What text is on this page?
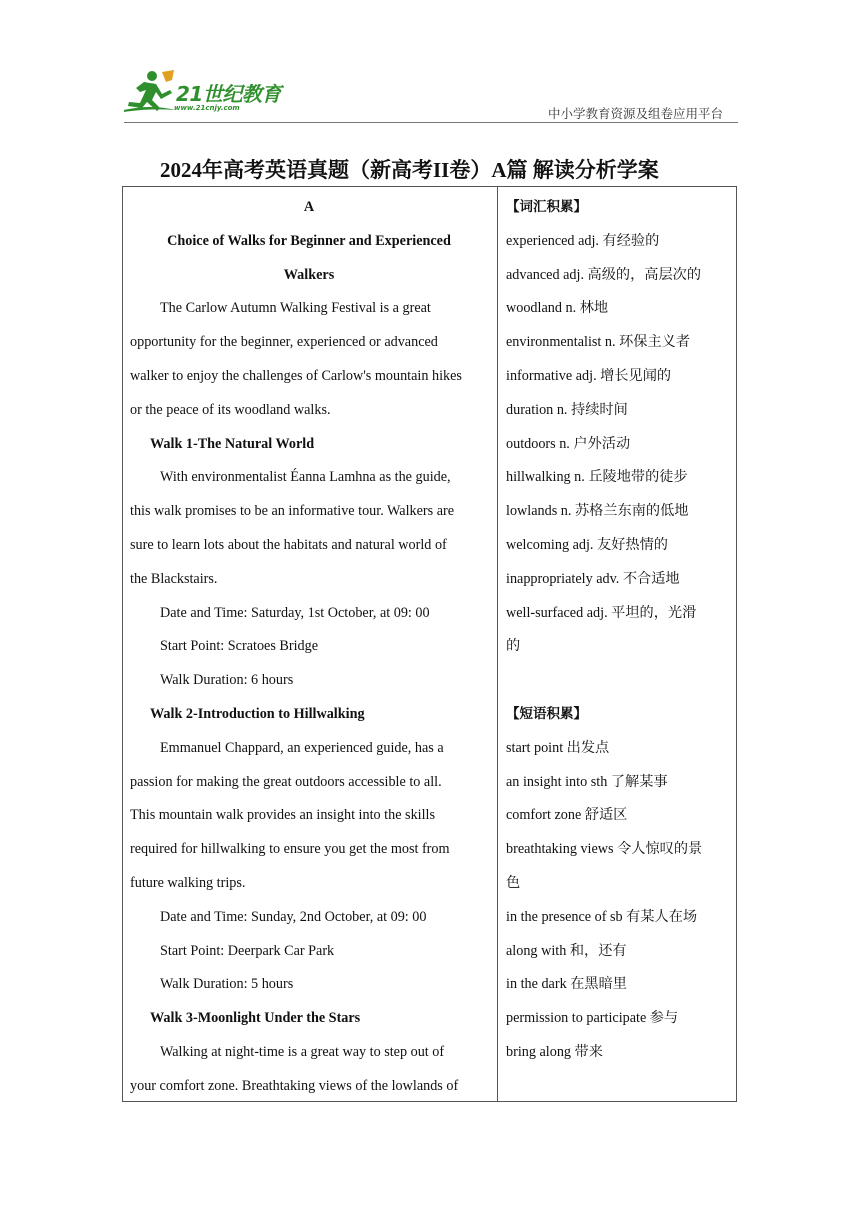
21世纪教育
www.21cnjy.com	中小学教育资源及组卷应用平台
2024年高考英语真题（新高考II卷）A篇 解读分析学案
A
Choice of Walks for Beginner and Experienced
Walkers
The Carlow Autumn Walking Festival is a great
opportunity for the beginner, experienced or advanced
walker to enjoy the challenges of Carlow's mountain hikes
or the peace of its woodland walks.
Walk 1-The Natural World
With environmentalist Éanna Lamhna as the guide,
this walk promises to be an informative tour. Walkers are
sure to learn lots about the habitats and natural world of
the Blackstairs.
Date and Time: Saturday, 1st October, at 09: 00
Start Point: Scratoes Bridge
Walk Duration: 6 hours
Walk 2-Introduction to Hillwalking
Emmanuel Chappard, an experienced guide, has a
passion for making the great outdoors accessible to all.
This mountain walk provides an insight into the skills
required for hillwalking to ensure you get the most from
future walking trips.
Date and Time: Sunday, 2nd October, at 09: 00
Start Point: Deerpark Car Park
Walk Duration: 5 hours
Walk 3-Moonlight Under the Stars
Walking at night-time is a great way to step out of
your comfort zone. Breathtaking views of the lowlands of
【词汇积累】
experienced adj. 有经验的
advanced adj. 高级的，高层次的
woodland n. 林地
environmentalist n. 环保主义者
informative adj. 增长见闻的
duration n. 持续时间
outdoors n. 户外活动
hillwalking n. 丘陵地带的徒步
lowlands n. 苏格兰东南的低地
welcoming adj. 友好热情的
inappropriately adv. 不合适地
well-surfaced adj. 平坦的，光滑
的
【短语积累】
start point 出发点
an insight into sth 了解某事
comfort zone 舒适区
breathtaking views 令人惊叹的景
色
in the presence of sb 有某人在场
along with 和，还有
in the dark 在黑暗里
permission to participate 参与
bring along 带来
